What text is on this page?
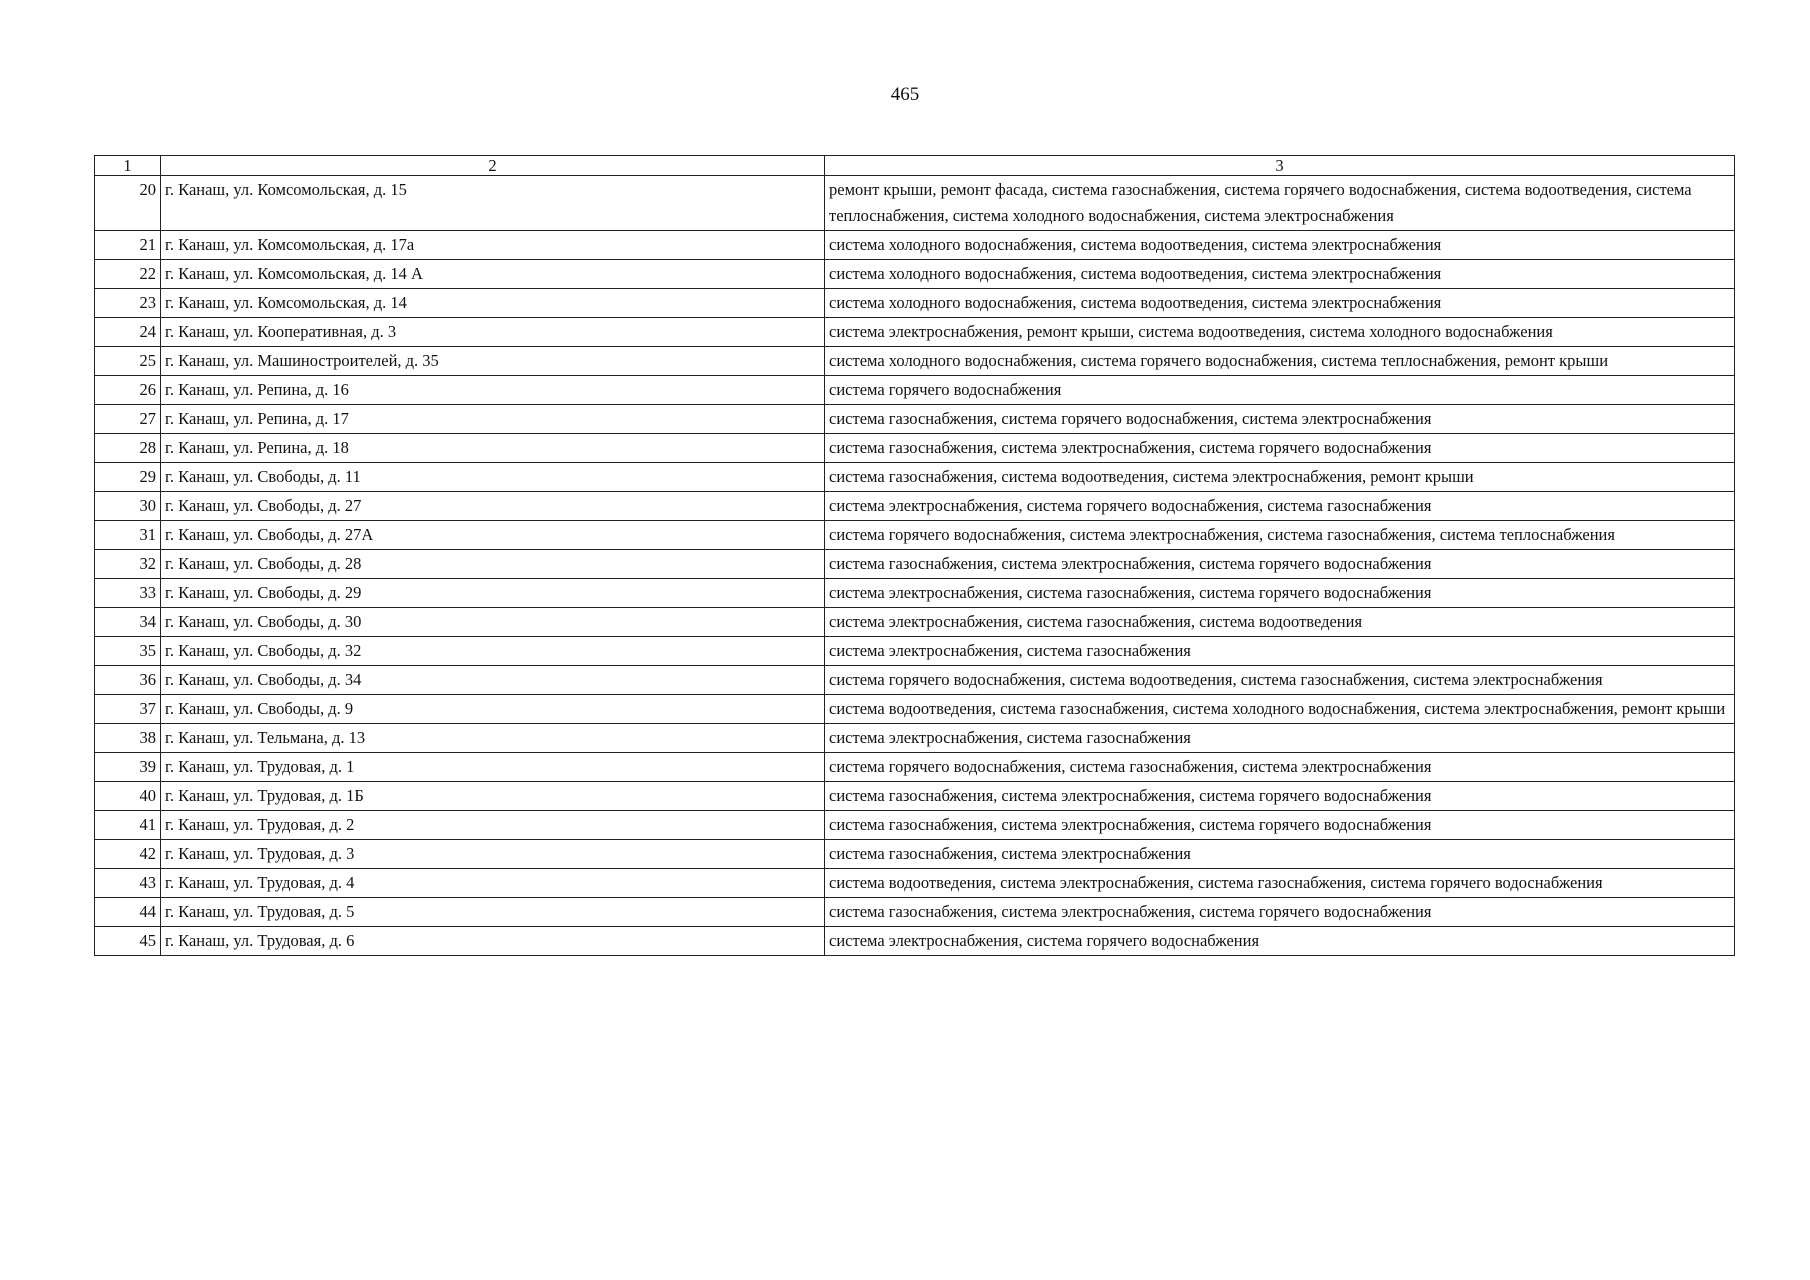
465
1	2	3
20	г. Канаш, ул. Комсомольская, д. 15	ремонт крыши, ремонт фасада, система газоснабжения, система горячего водоснабжения, система водоотведения, система теплоснабжения, система холодного водоснабжения, система электроснабжения
21	г. Канаш, ул. Комсомольская, д. 17а	система холодного водоснабжения, система водоотведения, система электроснабжения
22	г. Канаш, ул. Комсомольская, д. 14 А	система холодного водоснабжения, система водоотведения, система электроснабжения
23	г. Канаш, ул. Комсомольская, д. 14	система холодного водоснабжения, система водоотведения, система электроснабжения
24	г. Канаш, ул. Кооперативная, д. 3	система электроснабжения, ремонт крыши, система водоотведения, система холодного водоснабжения
25	г. Канаш, ул. Машиностроителей, д. 35	система холодного водоснабжения, система горячего водоснабжения, система теплоснабжения, ремонт крыши
26	г. Канаш, ул. Репина, д. 16	система горячего водоснабжения
27	г. Канаш, ул. Репина, д. 17	система газоснабжения, система горячего водоснабжения, система электроснабжения
28	г. Канаш, ул. Репина, д. 18	система газоснабжения, система электроснабжения, система горячего водоснабжения
29	г. Канаш, ул. Свободы, д. 11	система газоснабжения, система водоотведения, система электроснабжения, ремонт крыши
30	г. Канаш, ул. Свободы, д. 27	система электроснабжения, система горячего водоснабжения, система газоснабжения
31	г. Канаш, ул. Свободы, д. 27А	система горячего водоснабжения, система электроснабжения, система газоснабжения, система теплоснабжения
32	г. Канаш, ул. Свободы, д. 28	система газоснабжения, система электроснабжения, система горячего водоснабжения
33	г. Канаш, ул. Свободы, д. 29	система электроснабжения, система газоснабжения, система горячего водоснабжения
34	г. Канаш, ул. Свободы, д. 30	система электроснабжения, система газоснабжения, система водоотведения
35	г. Канаш, ул. Свободы, д. 32	система электроснабжения, система газоснабжения
36	г. Канаш, ул. Свободы, д. 34	система горячего водоснабжения, система водоотведения, система газоснабжения, система электроснабжения
37	г. Канаш, ул. Свободы, д. 9	система водоотведения, система газоснабжения, система холодного водоснабжения, система электроснабжения, ремонт крыши
38	г. Канаш, ул. Тельмана, д. 13	система электроснабжения, система газоснабжения
39	г. Канаш, ул. Трудовая, д. 1	система горячего водоснабжения, система газоснабжения, система электроснабжения
40	г. Канаш, ул. Трудовая, д. 1Б	система газоснабжения, система электроснабжения, система горячего водоснабжения
41	г. Канаш, ул. Трудовая, д. 2	система газоснабжения, система электроснабжения, система горячего водоснабжения
42	г. Канаш, ул. Трудовая, д. 3	система газоснабжения, система электроснабжения
43	г. Канаш, ул. Трудовая, д. 4	система водоотведения, система электроснабжения, система газоснабжения, система горячего водоснабжения
44	г. Канаш, ул. Трудовая, д. 5	система газоснабжения, система электроснабжения, система горячего водоснабжения
45	г. Канаш, ул. Трудовая, д. 6	система электроснабжения, система горячего водоснабжения
